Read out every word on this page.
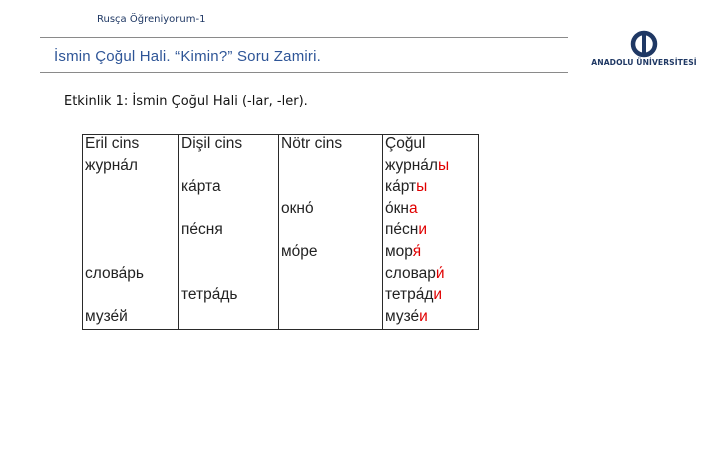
Rusça Öğreniyorum-1
İsmin Çoğul Hali. “Kimin?” Soru Zamiri.	ANADOLU ÜNİVERSİTESİ
Etkinlik 1: İsmin Çoğul Hali (-lar, -ler).
Eril cins	Dişil cins	Nötr cins	Çoğul
журна́л			журна́лы
	ка́рта		ка́рты
		окно́	о́кна
	пе́сня		пе́сни
		мо́ре	моря́
слова́рь			словари́
	тетра́дь		тетра́ди
музе́й			музе́и
